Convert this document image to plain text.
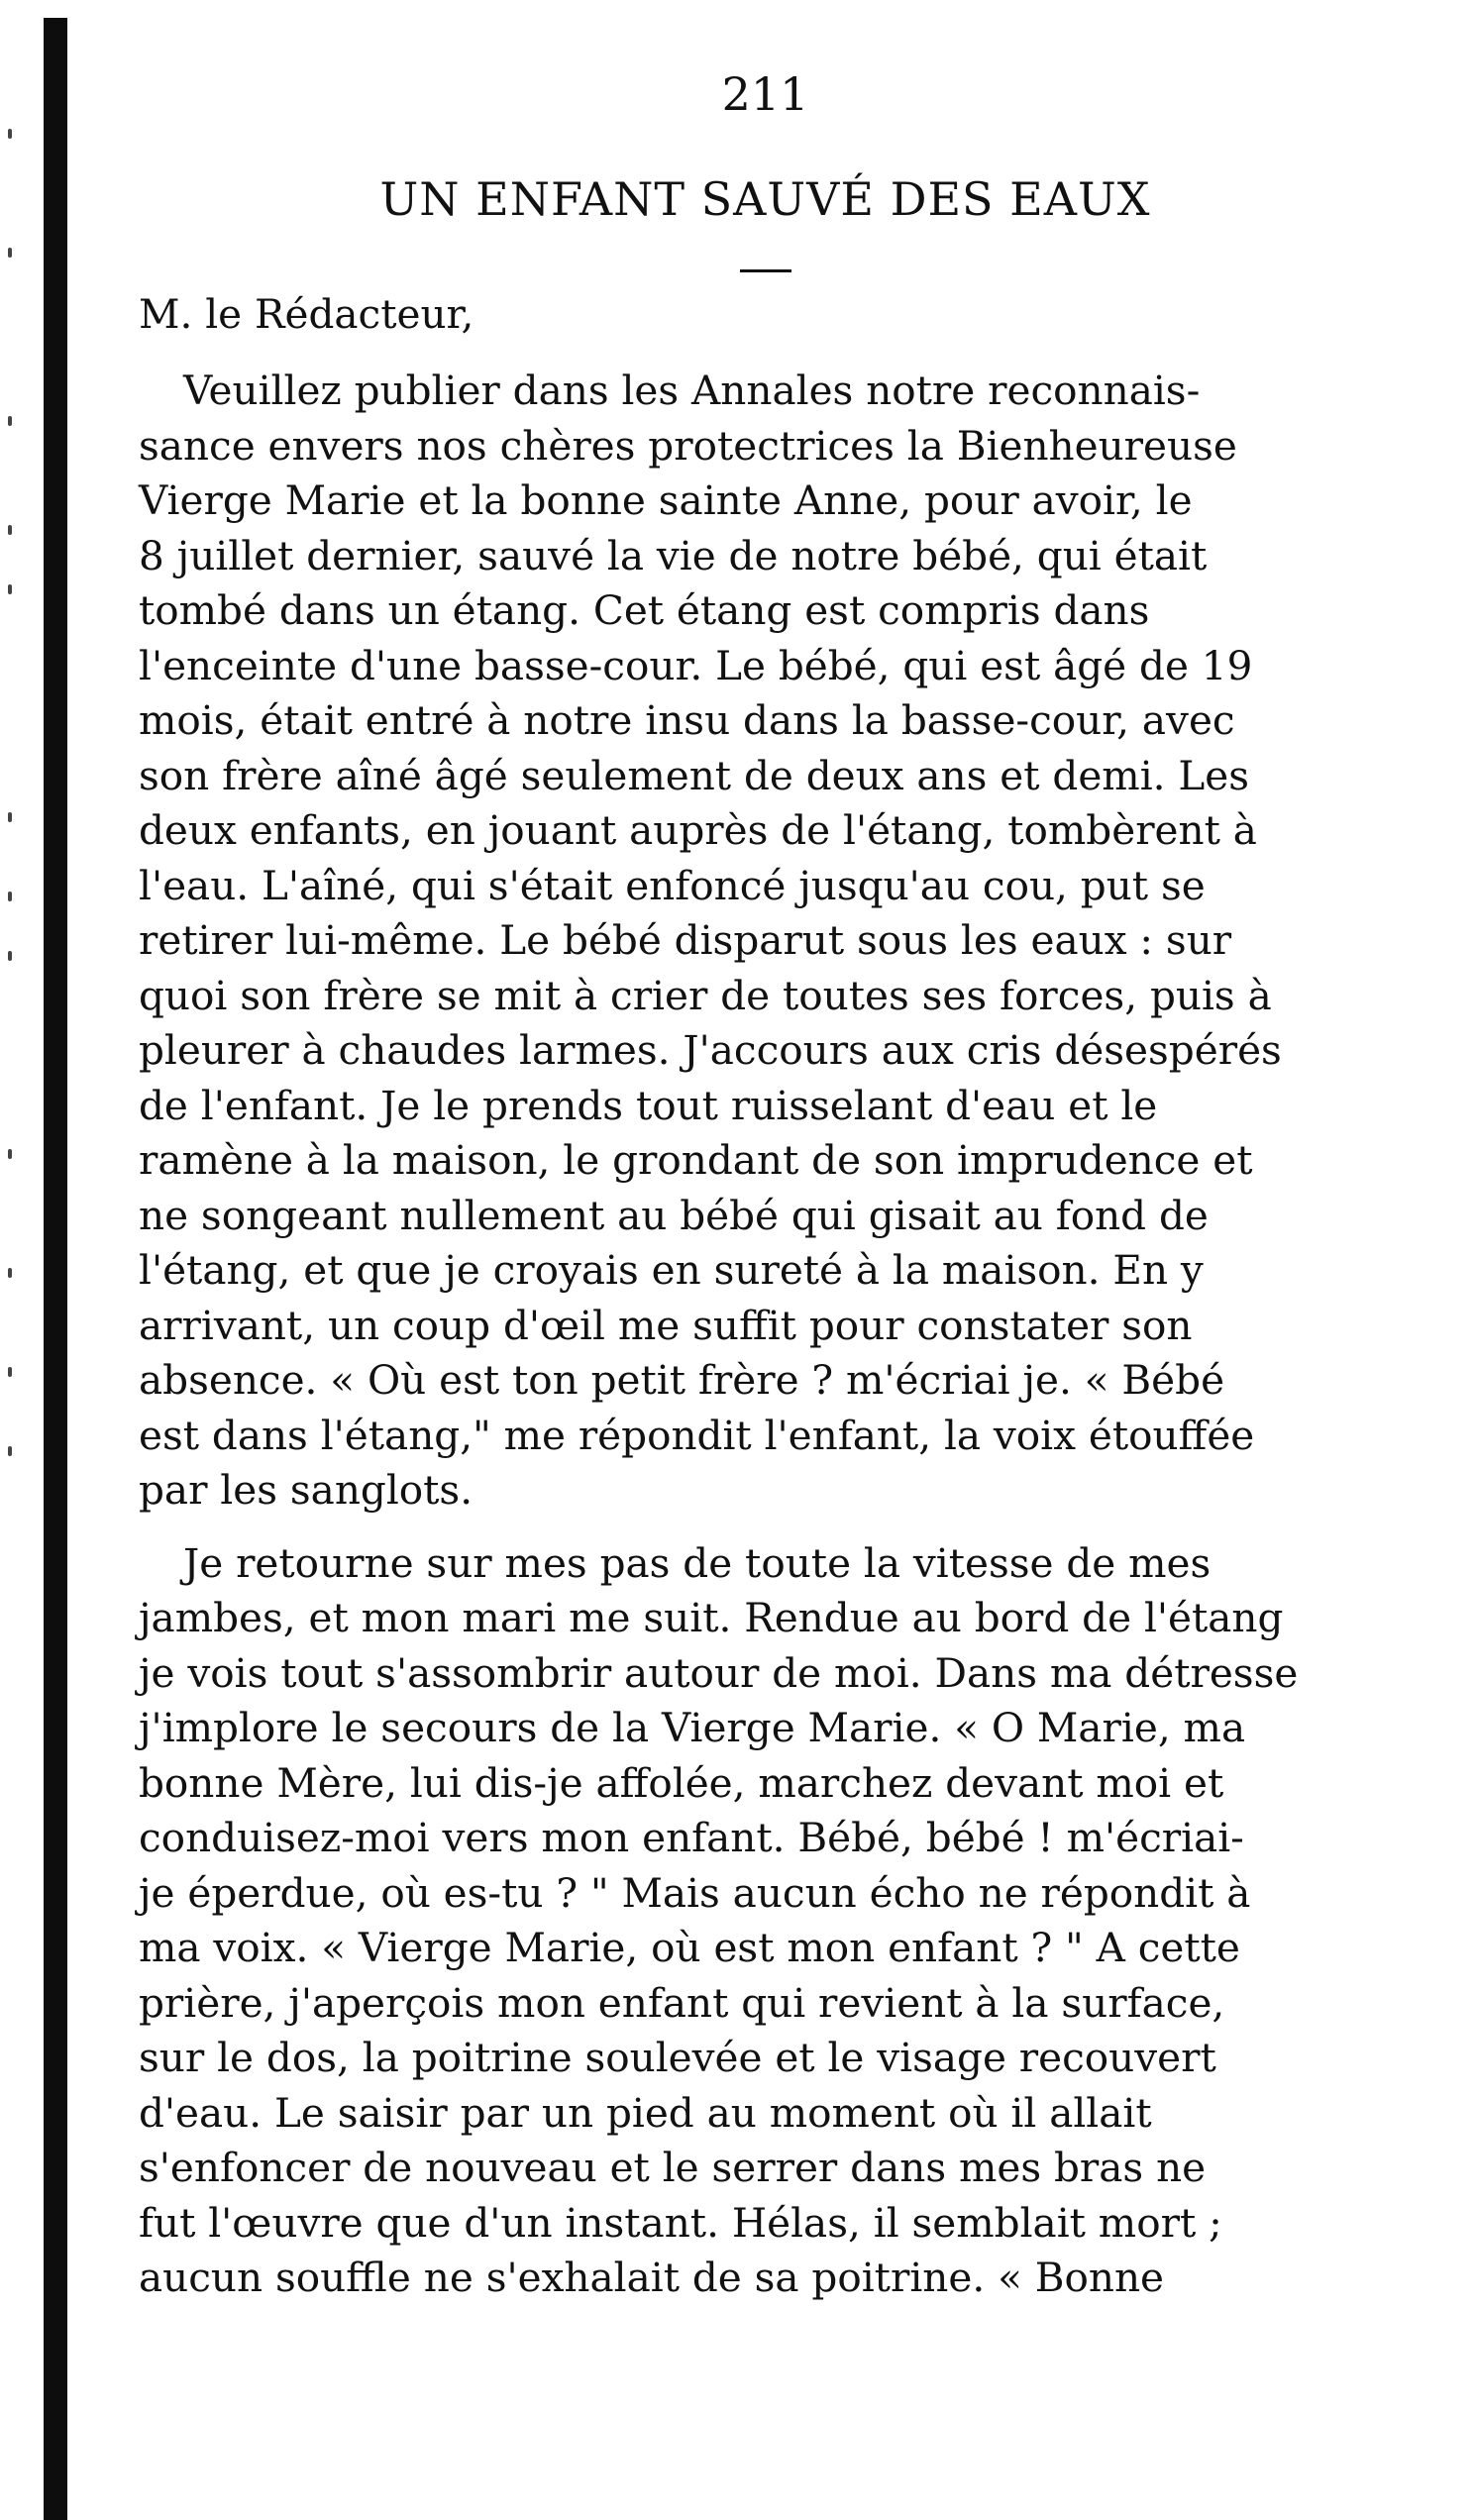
211

UN ENFANT SAUVÉ DES EAUX

M. le Rédacteur,

Veuillez publier dans les Annales notre reconnais-
sance envers nos chères protectrices la Bienheureuse
Vierge Marie et la bonne sainte Anne, pour avoir, le
8 juillet dernier, sauvé la vie de notre bébé, qui était
tombé dans un étang. Cet étang est compris dans
l'enceinte d'une basse-cour. Le bébé, qui est âgé de 19
mois, était entré à notre insu dans la basse-cour, avec
son frère aîné âgé seulement de deux ans et demi. Les
deux enfants, en jouant auprès de l'étang, tombèrent à
l'eau. L'aîné, qui s'était enfoncé jusqu'au cou, put se
retirer lui-même. Le bébé disparut sous les eaux : sur
quoi son frère se mit à crier de toutes ses forces, puis à
pleurer à chaudes larmes. J'accours aux cris désespérés
de l'enfant. Je le prends tout ruisselant d'eau et le
ramène à la maison, le grondant de son imprudence et
ne songeant nullement au bébé qui gisait au fond de
l'étang, et que je croyais en sureté à la maison. En y
arrivant, un coup d'œil me suffit pour constater son
absence. « Où est ton petit frère ? m'écriai je. « Bébé
est dans l'étang," me répondit l'enfant, la voix étouffée
par les sanglots.

Je retourne sur mes pas de toute la vitesse de mes
jambes, et mon mari me suit. Rendue au bord de l'étang
je vois tout s'assombrir autour de moi. Dans ma détresse
j'implore le secours de la Vierge Marie. « O Marie, ma
bonne Mère, lui dis-je affolée, marchez devant moi et
conduisez-moi vers mon enfant. Bébé, bébé ! m'écriai-
je éperdue, où es-tu ? " Mais aucun écho ne répondit à
ma voix. « Vierge Marie, où est mon enfant ? " A cette
prière, j'aperçois mon enfant qui revient à la surface,
sur le dos, la poitrine soulevée et le visage recouvert
d'eau. Le saisir par un pied au moment où il allait
s'enfoncer de nouveau et le serrer dans mes bras ne
fut l'œuvre que d'un instant. Hélas, il semblait mort ;
aucun souffle ne s'exhalait de sa poitrine. « Bonne
